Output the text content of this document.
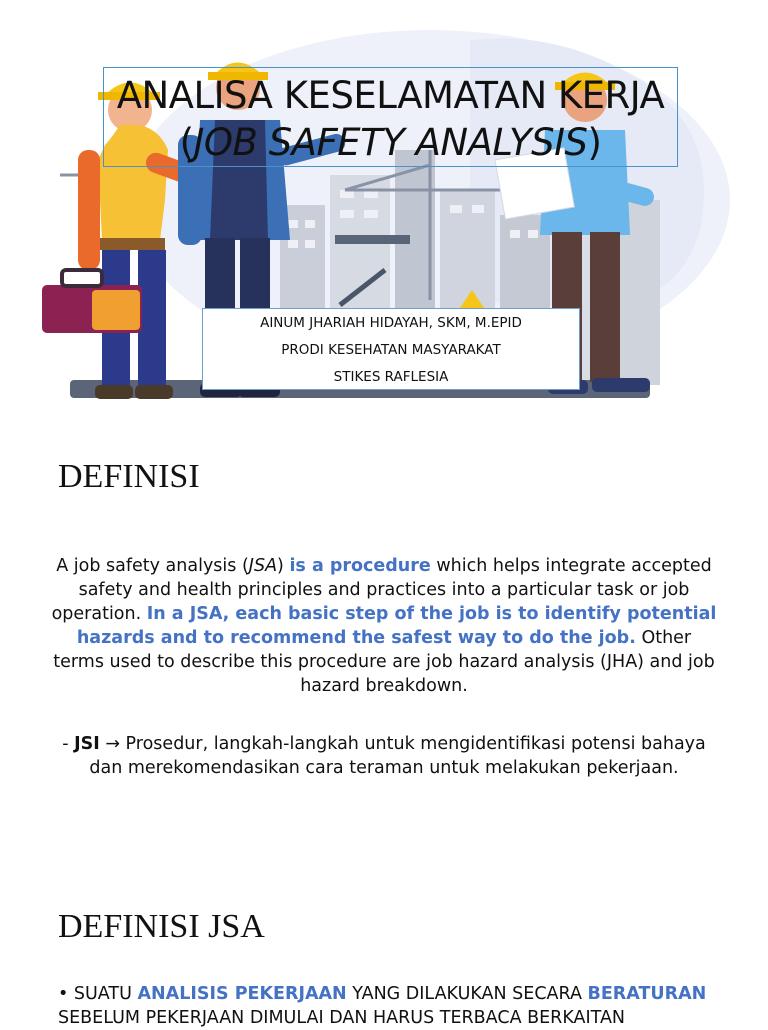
ANALISA KESELAMATAN KERJA
(JOB SAFETY ANALYSIS)
AINUM JHARIAH HIDAYAH, SKM, M.EPID
PRODI KESEHATAN MASYARAKAT
STIKES RAFLESIA
DEFINISI
A job safety analysis (JSA) is a procedure which helps integrate accepted safety and health principles and practices into a particular task or job operation. In a JSA, each basic step of the job is to identify potential hazards and to recommend the safest way to do the job. Other terms used to describe this procedure are job hazard analysis (JHA) and job hazard breakdown.
- JSI → Prosedur, langkah-langkah untuk mengidentifikasi potensi bahaya dan merekomendasikan cara teraman untuk melakukan pekerjaan.
DEFINISI JSA
• SUATU ANALISIS PEKERJAAN YANG DILAKUKAN SECARA BERATURAN SEBELUM PEKERJAAN DIMULAI DAN HARUS TERBACA BERKAITAN
